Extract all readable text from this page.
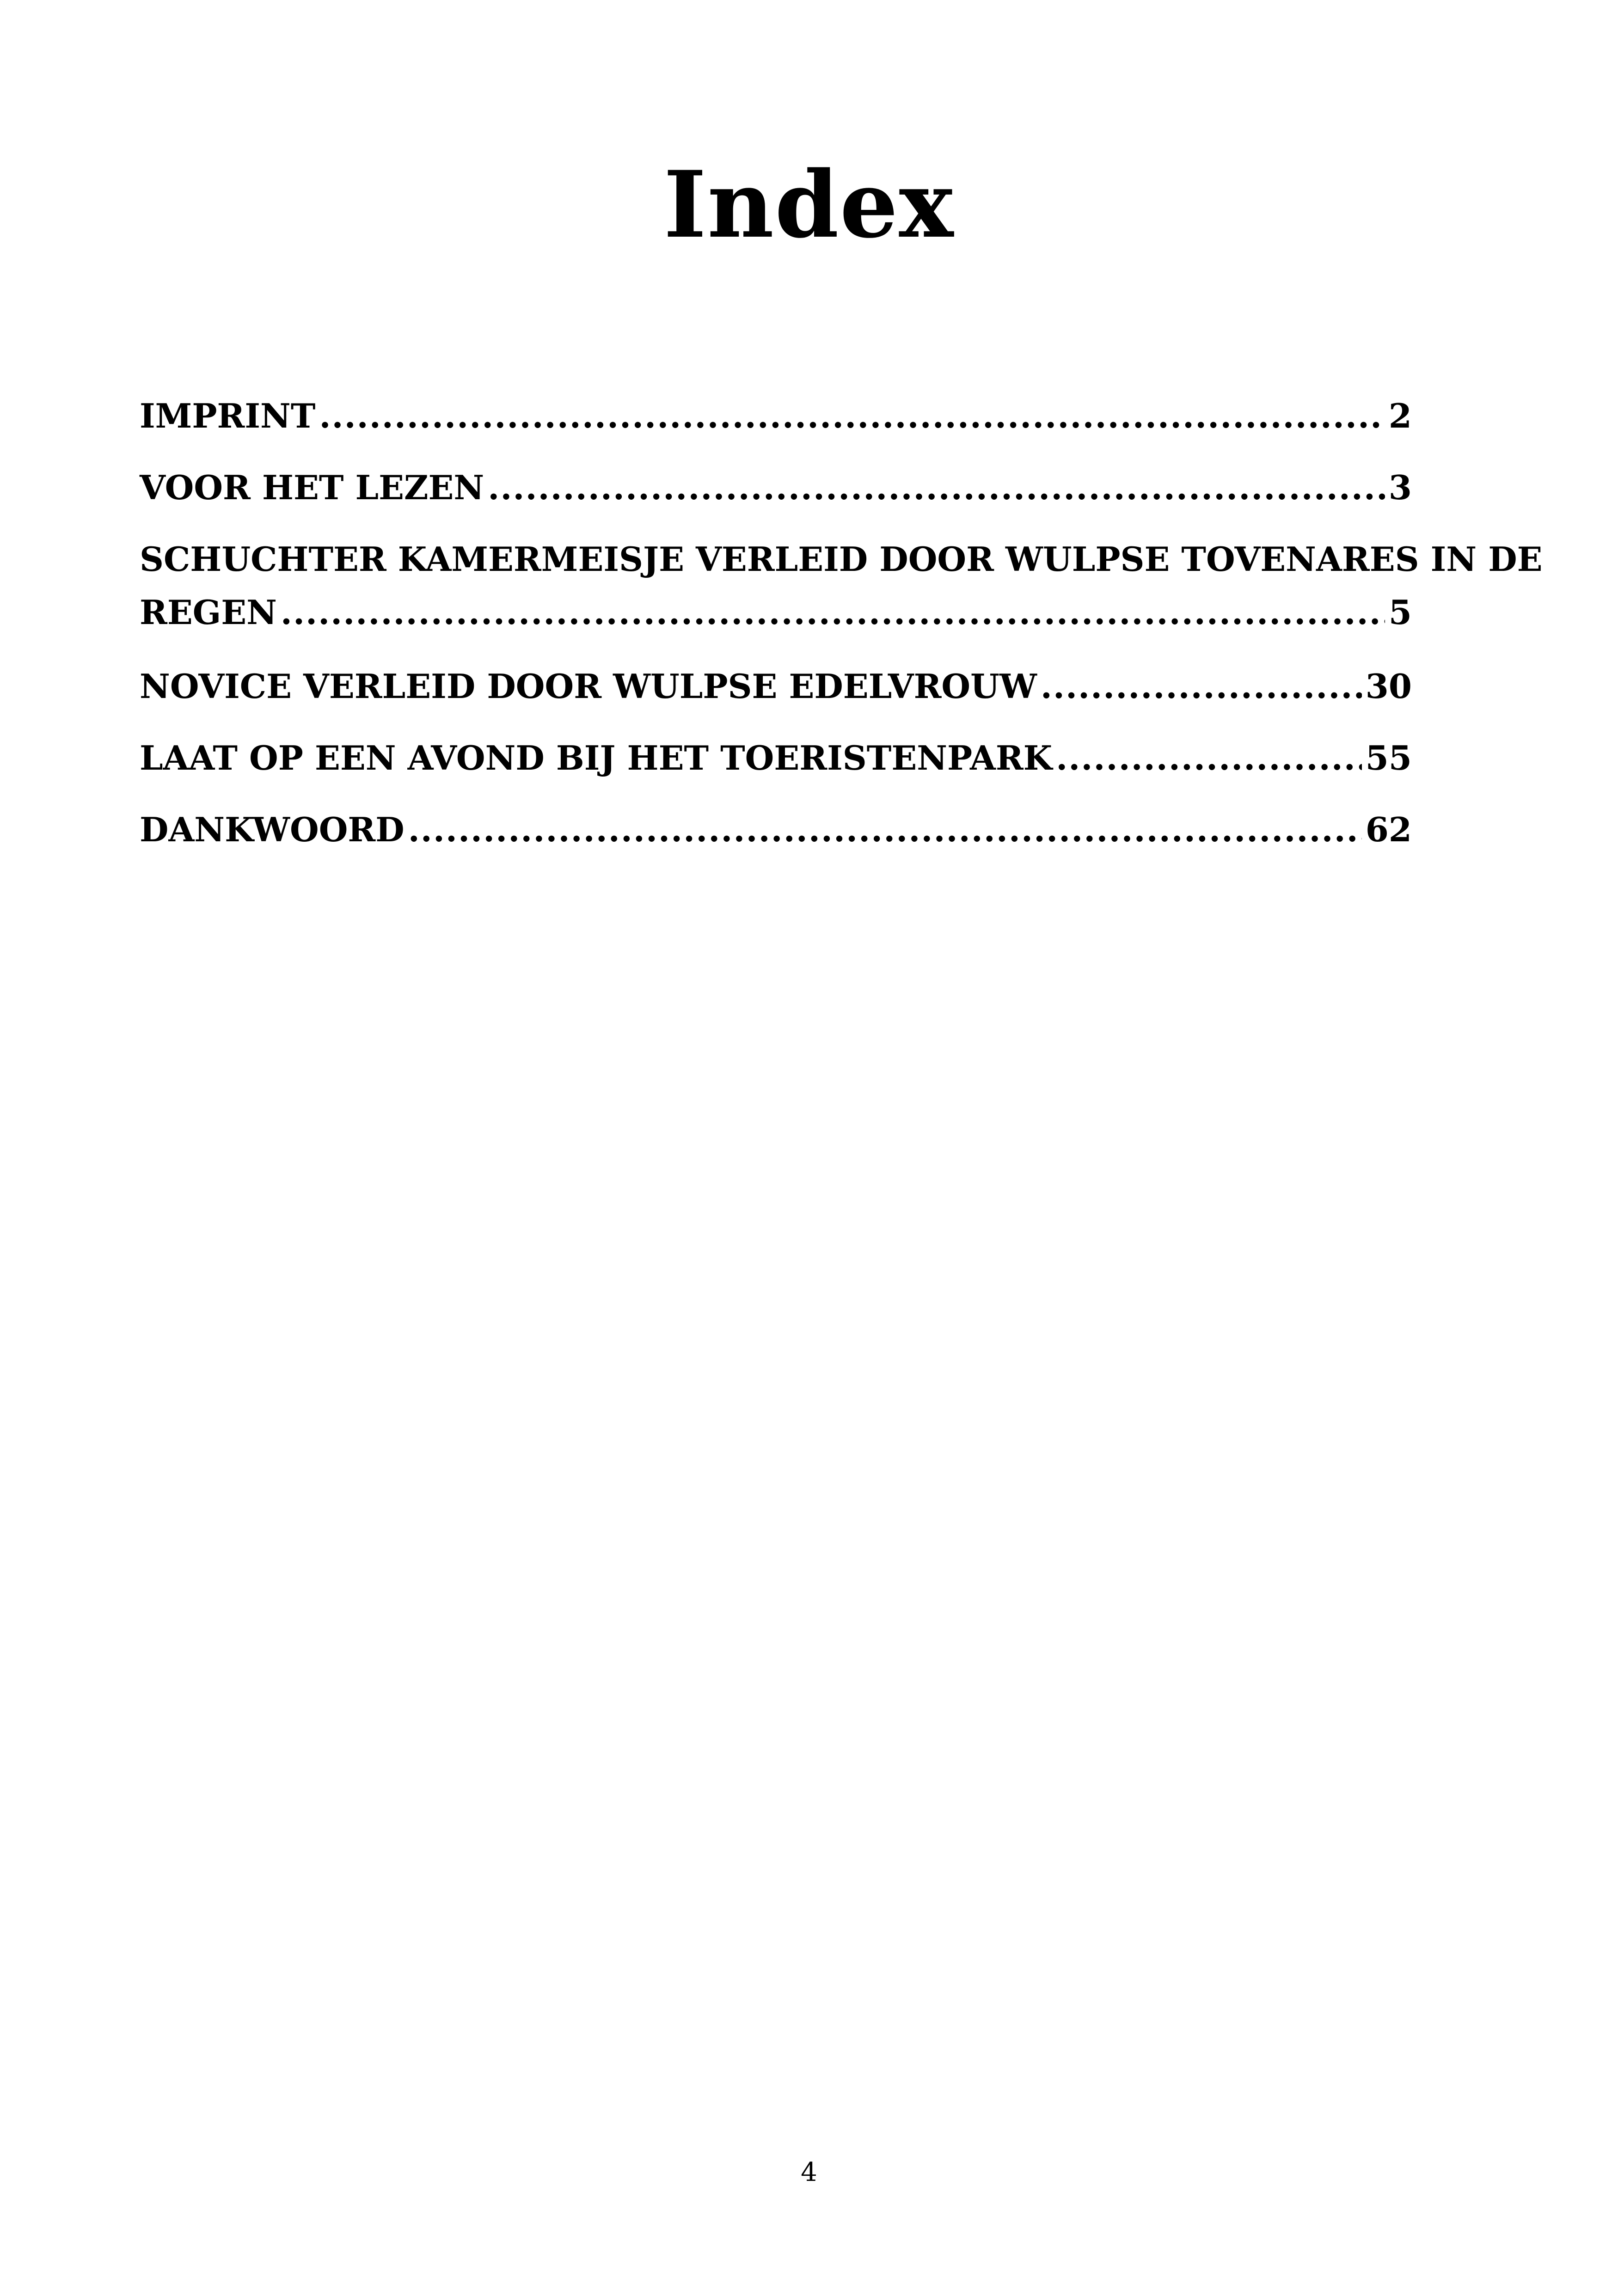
Index
IMPRINT .....	2
VOOR HET LEZEN .....	3
SCHUCHTER KAMERMEISJE VERLEID DOOR WULPSE TOVENARES IN DE
REGEN .....	5
NOVICE VERLEID DOOR WULPSE EDELVROUW .....	30
LAAT OP EEN AVOND BIJ HET TOERISTENPARK .....	55
DANKWOORD .....	62
4
